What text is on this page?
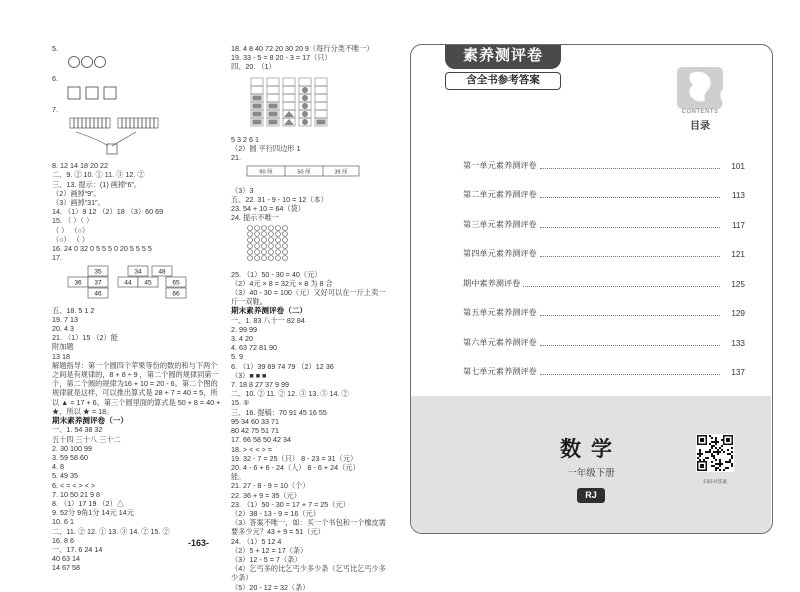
5.
6.
7.
8. 12 14 18 20 22
二、9. ② 10. ① 11. ③ 12. ②
三、13. 提示：(1) 画掉“6”。
（2）画掉“9”。
（3）画掉“31”。
14. （1）9 12 （2）18 （3）60 69
15. （ ）（ ）
（ ） （○）
（○） （ ）
16. 24 0 32 0 5 5 5 0 20 5 5 5 5
17.
35	34	48
36 37	44 45	65
46	66
五、18. 5 1 2
19. 7 13
20. 4 3
21. （1）15 （2）能
附加题
13 18
解题指导：第一个圆四个苹果等份的数的和与下两个之间是有规律的，8 + 8 ÷ 9 ，第二个圆的规律同第一个，第二个圆的规律为16 + 10 = 20 - 6。第二个图的规律就是这样，可以推出算式是 28 + 7 = 40 = 5，所以 ▲ = 17 + 6。第三个圆里面的算式是 50 + 8 = 40 + ★，所以 ★ = 18。
期末素养测评卷（一）
一、1. 54 38 32
五十四 三十八 三十二
2. 30 100 99
3. 59 58 60
4. 8
5. 49 35
6. < = < > < >
7. 10 50 21 9 8
8. （1）17 19 （2）△
9. 52分 9角1分 14元 14元
10. 6 1
二、11. ② 12. ① 13. ③ 14. ② 15. ②
16. 8 6
一、17. 6 24 14
40 63 14
14 67 58
18. 4 8 40 72 20 30 20 9（每行分类不唯一）
19. 33 - 5 = 8 20 - 3 = 17（只）
四、20. （1）
5 3 2 6 1
（2）圆 平行四边形 1
21.
90 厘	50 厘	39 厘
（3）3
五、22. 31 - 9 - 10 = 12（本）
23. 54 + 10 = 64（袋）
24. 提示不唯一
25. （1）50 - 30 = 40（元）
（2）4元 × 8 = 32元 × 8 为 8 合
（3）40 - 30 = 100（元）又好可以在一斤上卖一斤一双鞋。
期末素养测评卷（二）
一、1. 83 八十一 82 84
2. 99 99
3. 4 20
4. 63 72 81 90
5. 9
6. （1）39 69 74 79 （2）12 36
（3）■ ■ ■
7. 18 8 27 37 9 99
二、10. ② 11. ② 12. ③ 13. ⑤ 14. ②
15. ⑤
三、16. 提稿：70 91 45 16 55
95 34 60 33 71
80 42 75 51 71
17. 66 58 50 42 34
18. > < < > =
19. 32 - 7 = 25（只） 8 - 23 = 31（元）
20. 4 - 6 + 6 - 24（人） 8 - 6 + 24（元）
能。
21. 27 - 8 - 9 = 10（个）
22. 36 + 9 = 35（元）
23. （1）50 - 30 = 17 + 7 = 25（元）
（2）38 - 13 - 9 = 16（元）
（3）答案不唯一，如：买一个书包和一个橡皮需要多少元？43 + 9 = 51（元）
24. （1）5 12 4
（2）5 + 12 = 17（条）
（3）12 - 5 = 7（条）
（4）乞丐多的比乞丐少多少条（乞丐比乞丐少多少条）
（5）20 - 12 = 32（条）
-163-
素养测评卷
含全书参考答案
CONTENTS
目录
第一单元素养测评卷	101
第二单元素养测评卷	113
第三单元素养测评卷	117
第四单元素养测评卷	121
期中素养测评卷	125
第五单元素养测评卷	129
第六单元素养测评卷	133
第七单元素养测评卷	137
数学
一年级下册
RJ
扫码对答案
